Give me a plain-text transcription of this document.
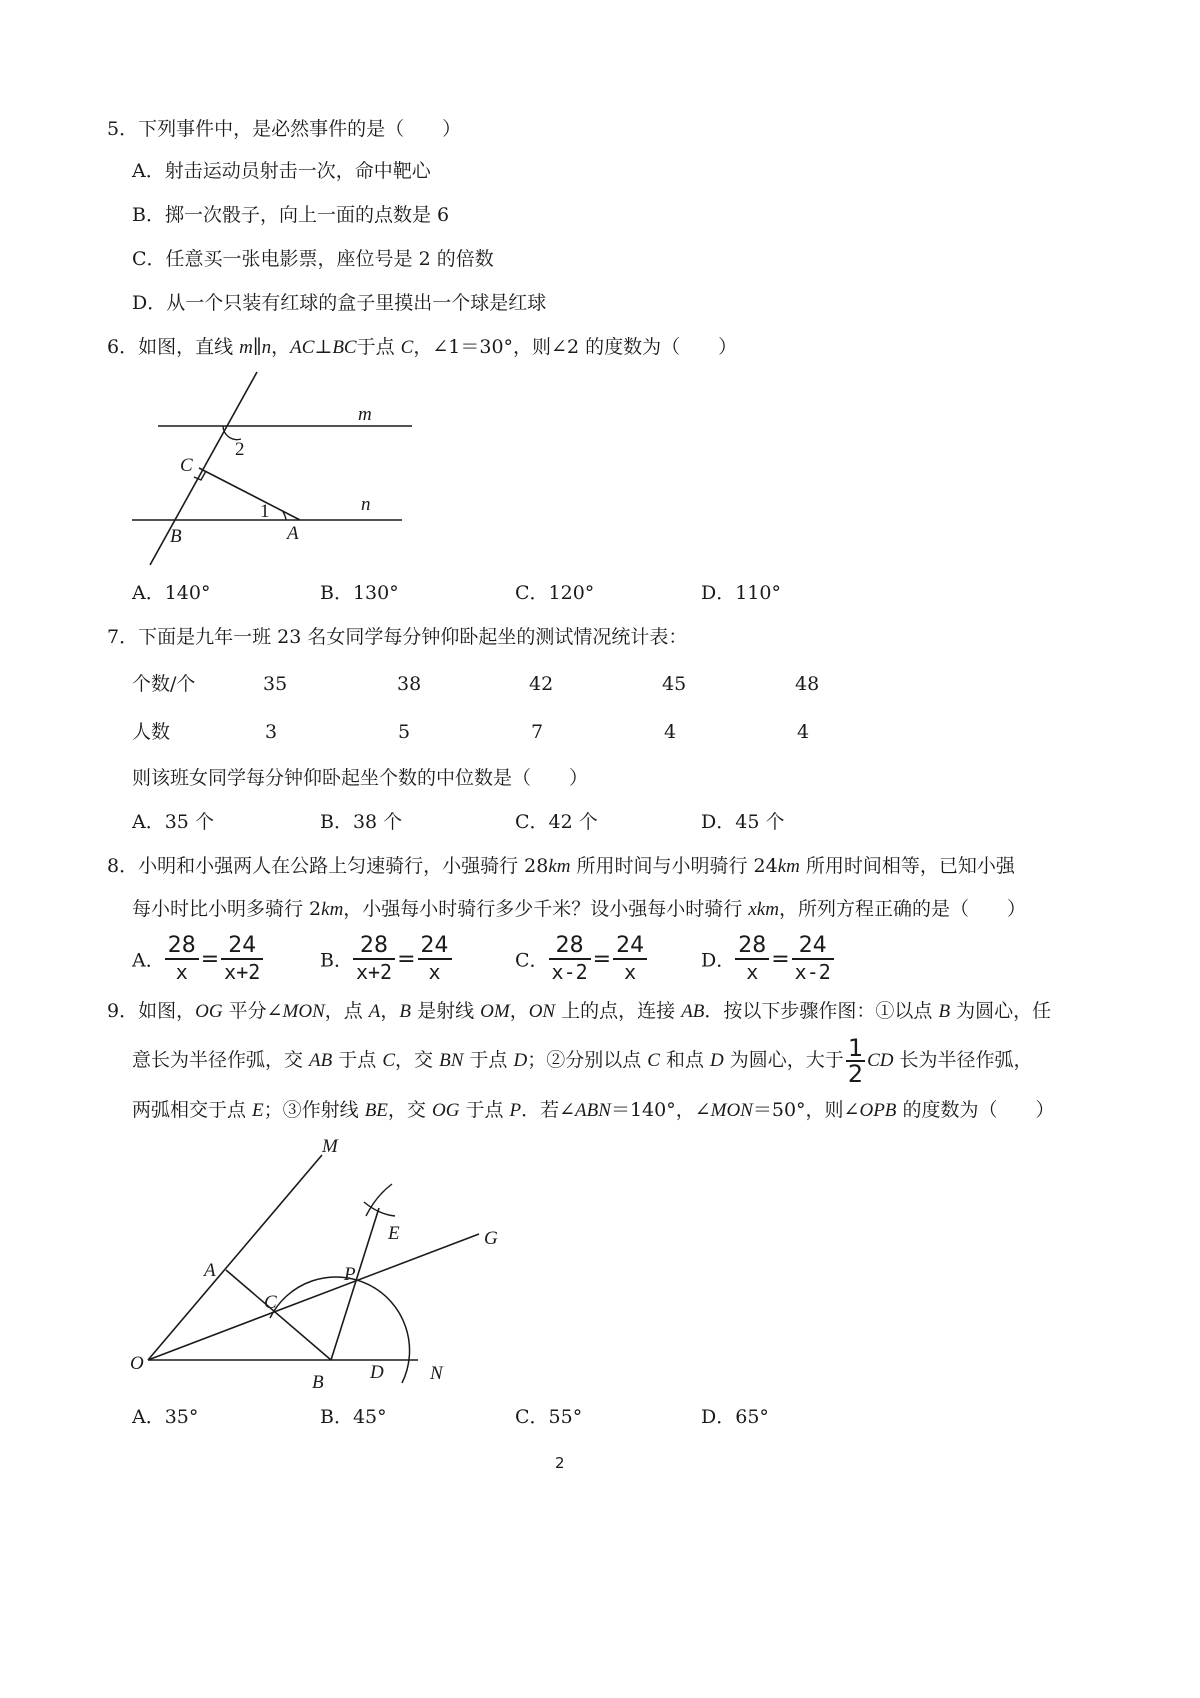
5．下列事件中，是必然事件的是（　　）
A．射击运动员射击一次，命中靶心
B．掷一次骰子，向上一面的点数是 6
C．任意买一张电影票，座位号是 2 的倍数
D．从一个只装有红球的盒子里摸出一个球是红球
6．如图，直线 m∥n，AC⊥BC于点 C，∠1＝30°，则∠2 的度数为（　　）
m
n
2
1
C
B	A
A．140°	B．130°	C．120°	D．110°
7．下面是九年一班 23 名女同学每分钟仰卧起坐的测试情况统计表：
个数/个	35	38	42	45	48
人数	3	5	7	4	4
则该班女同学每分钟仰卧起坐个数的中位数是（　　）
A．35 个	B．38 个	C．42 个	D．45 个
8．小明和小强两人在公路上匀速骑行，小强骑行 28km 所用时间与小明骑行 24km 所用时间相等，已知小强
每小时比小明多骑行 2km，小强每小时骑行多少千米？设小强每小时骑行 xkm，所列方程正确的是（　　）
A． $\frac{28}{x} = \frac{24}{x+2}$	B． $\frac{28}{x+2} = \frac{24}{x}$	C． $\frac{28}{x-2} = \frac{24}{x}$	D． $\frac{28}{x} = \frac{24}{x-2}$
9．如图，OG 平分∠MON，点 A，B 是射线 OM，ON 上的点，连接 AB．按以下步骤作图：①以点 B 为圆心，任
意长为半径作弧，交 AB 于点 C，交 BN 于点 D；②分别以点 C 和点 D 为圆心，大于 $\frac{1}{2}$ CD 长为半径作弧，
两弧相交于点 E；③作射线 BE，交 OG 于点 P．若∠ABN＝140°，∠MON＝50°，则∠OPB 的度数为（　　）
M
E	G
A	P
C
O
B D N
A．35°	B．45°	C．55°	D．65°
2
